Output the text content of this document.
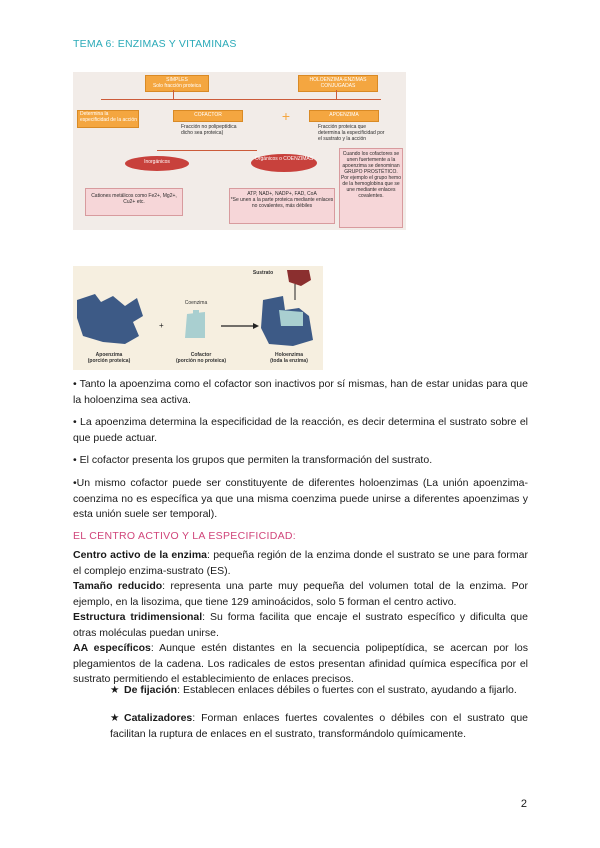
TEMA 6: ENZIMAS Y VITAMINAS
SIMPLES
Solo fracción proteica
HOLOENZIMA-ENZIMAS CONJUGADAS
Determina la especificidad de la acción
COFACTOR
Fracción no polipeptídica dicho sea proteica)
+	APOENZIMA
Fracción proteica que determina la especificidad por el sustrato y la acción
Inorgánicos	Orgánicos o COENZIMAS
Cationes metálicos como Fe2+, Mg2+, Cu2+ etc.
ATP, NAD+, NADP+, FAD, CoA
*Se unen a la parte proteica mediante enlaces no covalentes, más débiles
Cuando los cofactores se unen fuertemente a la apoenzima se denominan GRUPO PROSTÉTICO. Por ejemplo el grupo hemo de la hemoglobina que se une mediante enlaces covalentes.
+
Sustrato
Coenzima
Apoenzima
(porción proteica)
Cofactor
(porción no proteica)
Holoenzima
(toda la enzima)

• Tanto la apoenzima como el cofactor son inactivos por sí mismas, han de estar unidas para que la holoenzima sea activa.

• La apoenzima determina la especificidad de la reacción, es decir determina el sustrato sobre el que puede actuar.

• El cofactor presenta los grupos que permiten la transformación del sustrato.

•Un mismo cofactor puede ser constituyente de diferentes holoenzimas (La unión apoenzima-coenzima no es específica ya que una misma coenzima puede unirse a diferentes apoenzimas y esta unión suele ser temporal).

EL CENTRO ACTIVO Y LA ESPECIFICIDAD:
Centro activo de la enzima: pequeña región de la enzima donde el sustrato se une para formar el complejo enzima-sustrato (ES).
Tamaño reducido: representa una parte muy pequeña del volumen total de la enzima. Por ejemplo, en la lisozima, que tiene 129 aminoácidos, solo 5 forman el centro activo.
Estructura tridimensional: Su forma facilita que encaje el sustrato específico y dificulta que otras moléculas puedan unirse.
AA específicos: Aunque estén distantes en la secuencia polipeptídica, se acercan por los plegamientos de la cadena. Los radicales de estos presentan afinidad química específica por el sustrato permitiendo el establecimiento de enlaces precisos.
★ De fijación: Establecen enlaces débiles o fuertes con el sustrato, ayudando a fijarlo.
★ Catalizadores: Forman enlaces fuertes covalentes o débiles con el sustrato que facilitan la ruptura de enlaces en el sustrato, transformándolo químicamente.
2
